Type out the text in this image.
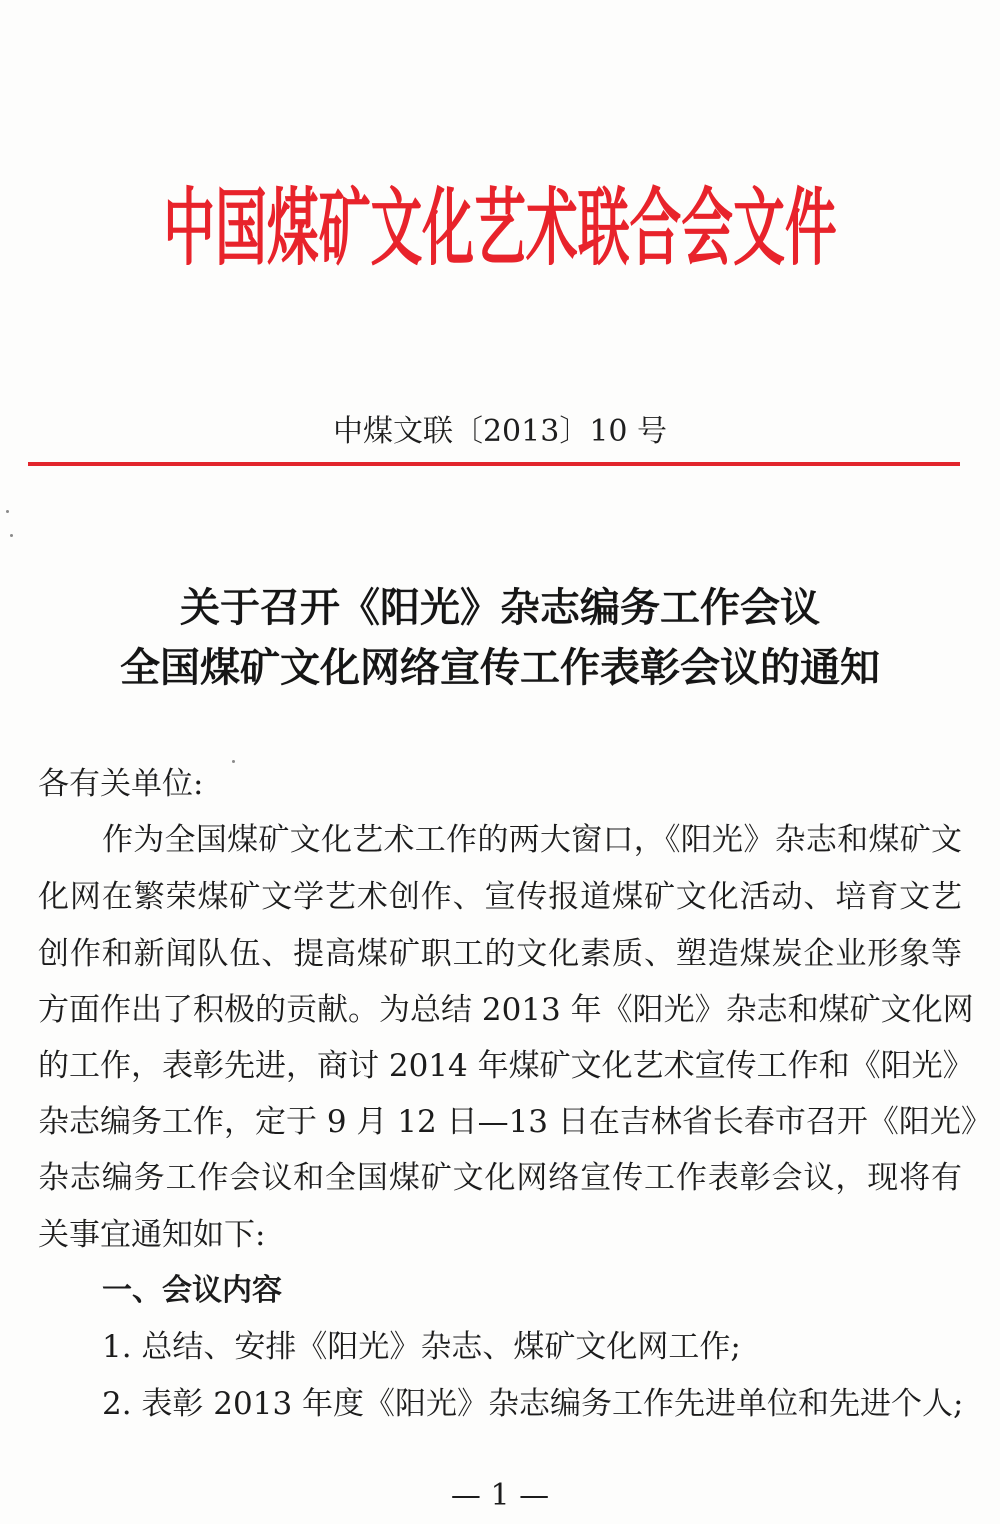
中国煤矿文化艺术联合会文件
中煤文联〔2013〕10 号
关于召开《阳光》杂志编务工作会议
全国煤矿文化网络宣传工作表彰会议的通知
各有关单位:
作为全国煤矿文化艺术工作的两大窗口，《阳光》杂志和煤矿文
化网在繁荣煤矿文学艺术创作、宣传报道煤矿文化活动、培育文艺
创作和新闻队伍、提高煤矿职工的文化素质、塑造煤炭企业形象等
方面作出了积极的贡献。为总结 2013 年《阳光》杂志和煤矿文化网
的工作，表彰先进，商讨 2014 年煤矿文化艺术宣传工作和《阳光》
杂志编务工作，定于 9 月 12 日—13 日在吉林省长春市召开《阳光》
杂志编务工作会议和全国煤矿文化网络宣传工作表彰会议，现将有
关事宜通知如下:
一、会议内容
1. 总结、安排《阳光》杂志、煤矿文化网工作;
2. 表彰 2013 年度《阳光》杂志编务工作先进单位和先进个人;
— 1 —
